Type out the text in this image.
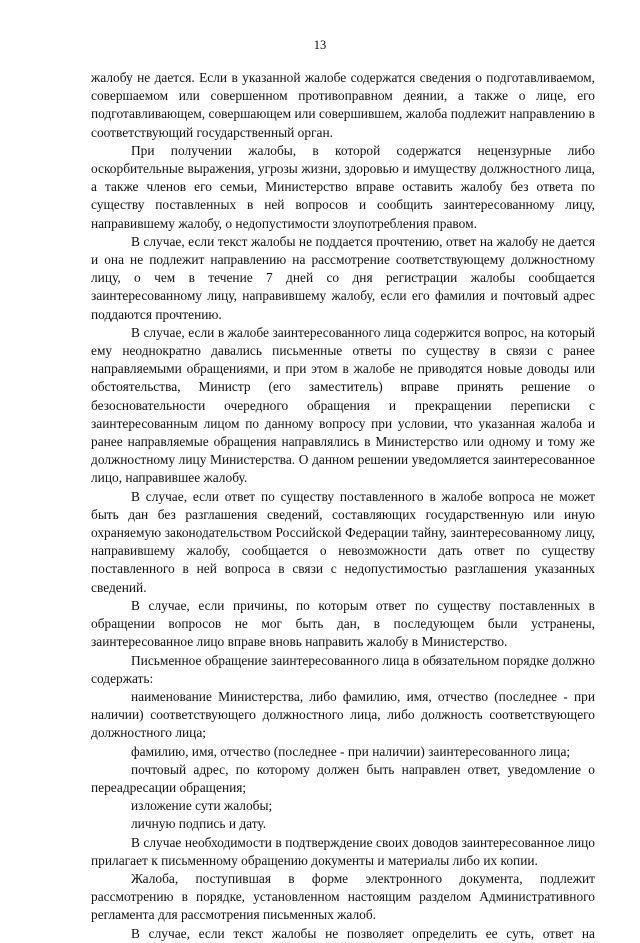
13

жалобу не дается. Если в указанной жалобе содержатся сведения о подготавливаемом, совершаемом или совершенном противоправном деянии, а также о лице, его подготавливающем, совершающем или совершившем, жалоба подлежит направлению в соответствующий государственный орган.

При получении жалобы, в которой содержатся нецензурные либо оскорбительные выражения, угрозы жизни, здоровью и имуществу должностного лица, а также членов его семьи, Министерство вправе оставить жалобу без ответа по существу поставленных в ней вопросов и сообщить заинтересованному лицу, направившему жалобу, о недопустимости злоупотребления правом.

В случае, если текст жалобы не поддается прочтению, ответ на жалобу не дается и она не подлежит направлению на рассмотрение соответствующему должностному лицу, о чем в течение 7 дней со дня регистрации жалобы сообщается заинтересованному лицу, направившему жалобу, если его фамилия и почтовый адрес поддаются прочтению.

В случае, если в жалобе заинтересованного лица содержится вопрос, на который ему неоднократно давались письменные ответы по существу в связи с ранее направляемыми обращениями, и при этом в жалобе не приводятся новые доводы или обстоятельства, Министр (его заместитель) вправе принять решение о безосновательности очередного обращения и прекращении переписки с заинтересованным лицом по данному вопросу при условии, что указанная жалоба и ранее направляемые обращения направлялись в Министерство или одному и тому же должностному лицу Министерства. О данном решении уведомляется заинтересованное лицо, направившее жалобу.

В случае, если ответ по существу поставленного в жалобе вопроса не может быть дан без разглашения сведений, составляющих государственную или иную охраняемую законодательством Российской Федерации тайну, заинтересованному лицу, направившему жалобу, сообщается о невозможности дать ответ по существу поставленного в ней вопроса в связи с недопустимостью разглашения указанных сведений.

В случае, если причины, по которым ответ по существу поставленных в обращении вопросов не мог быть дан, в последующем были устранены, заинтересованное лицо вправе вновь направить жалобу в Министерство.

Письменное обращение заинтересованного лица в обязательном порядке должно содержать:

наименование Министерства, либо фамилию, имя, отчество (последнее - при наличии) соответствующего должностного лица, либо должность соответствующего должностного лица;

фамилию, имя, отчество (последнее - при наличии) заинтересованного лица;

почтовый адрес, по которому должен быть направлен ответ, уведомление о переадресации обращения;

изложение сути жалобы;

личную подпись и дату.

В случае необходимости в подтверждение своих доводов заинтересованное лицо прилагает к письменному обращению документы и материалы либо их копии.

Жалоба, поступившая в форме электронного документа, подлежит рассмотрению в порядке, установленном настоящим разделом Административного регламента для рассмотрения письменных жалоб.

В случае, если текст жалобы не позволяет определить ее суть, ответ на
